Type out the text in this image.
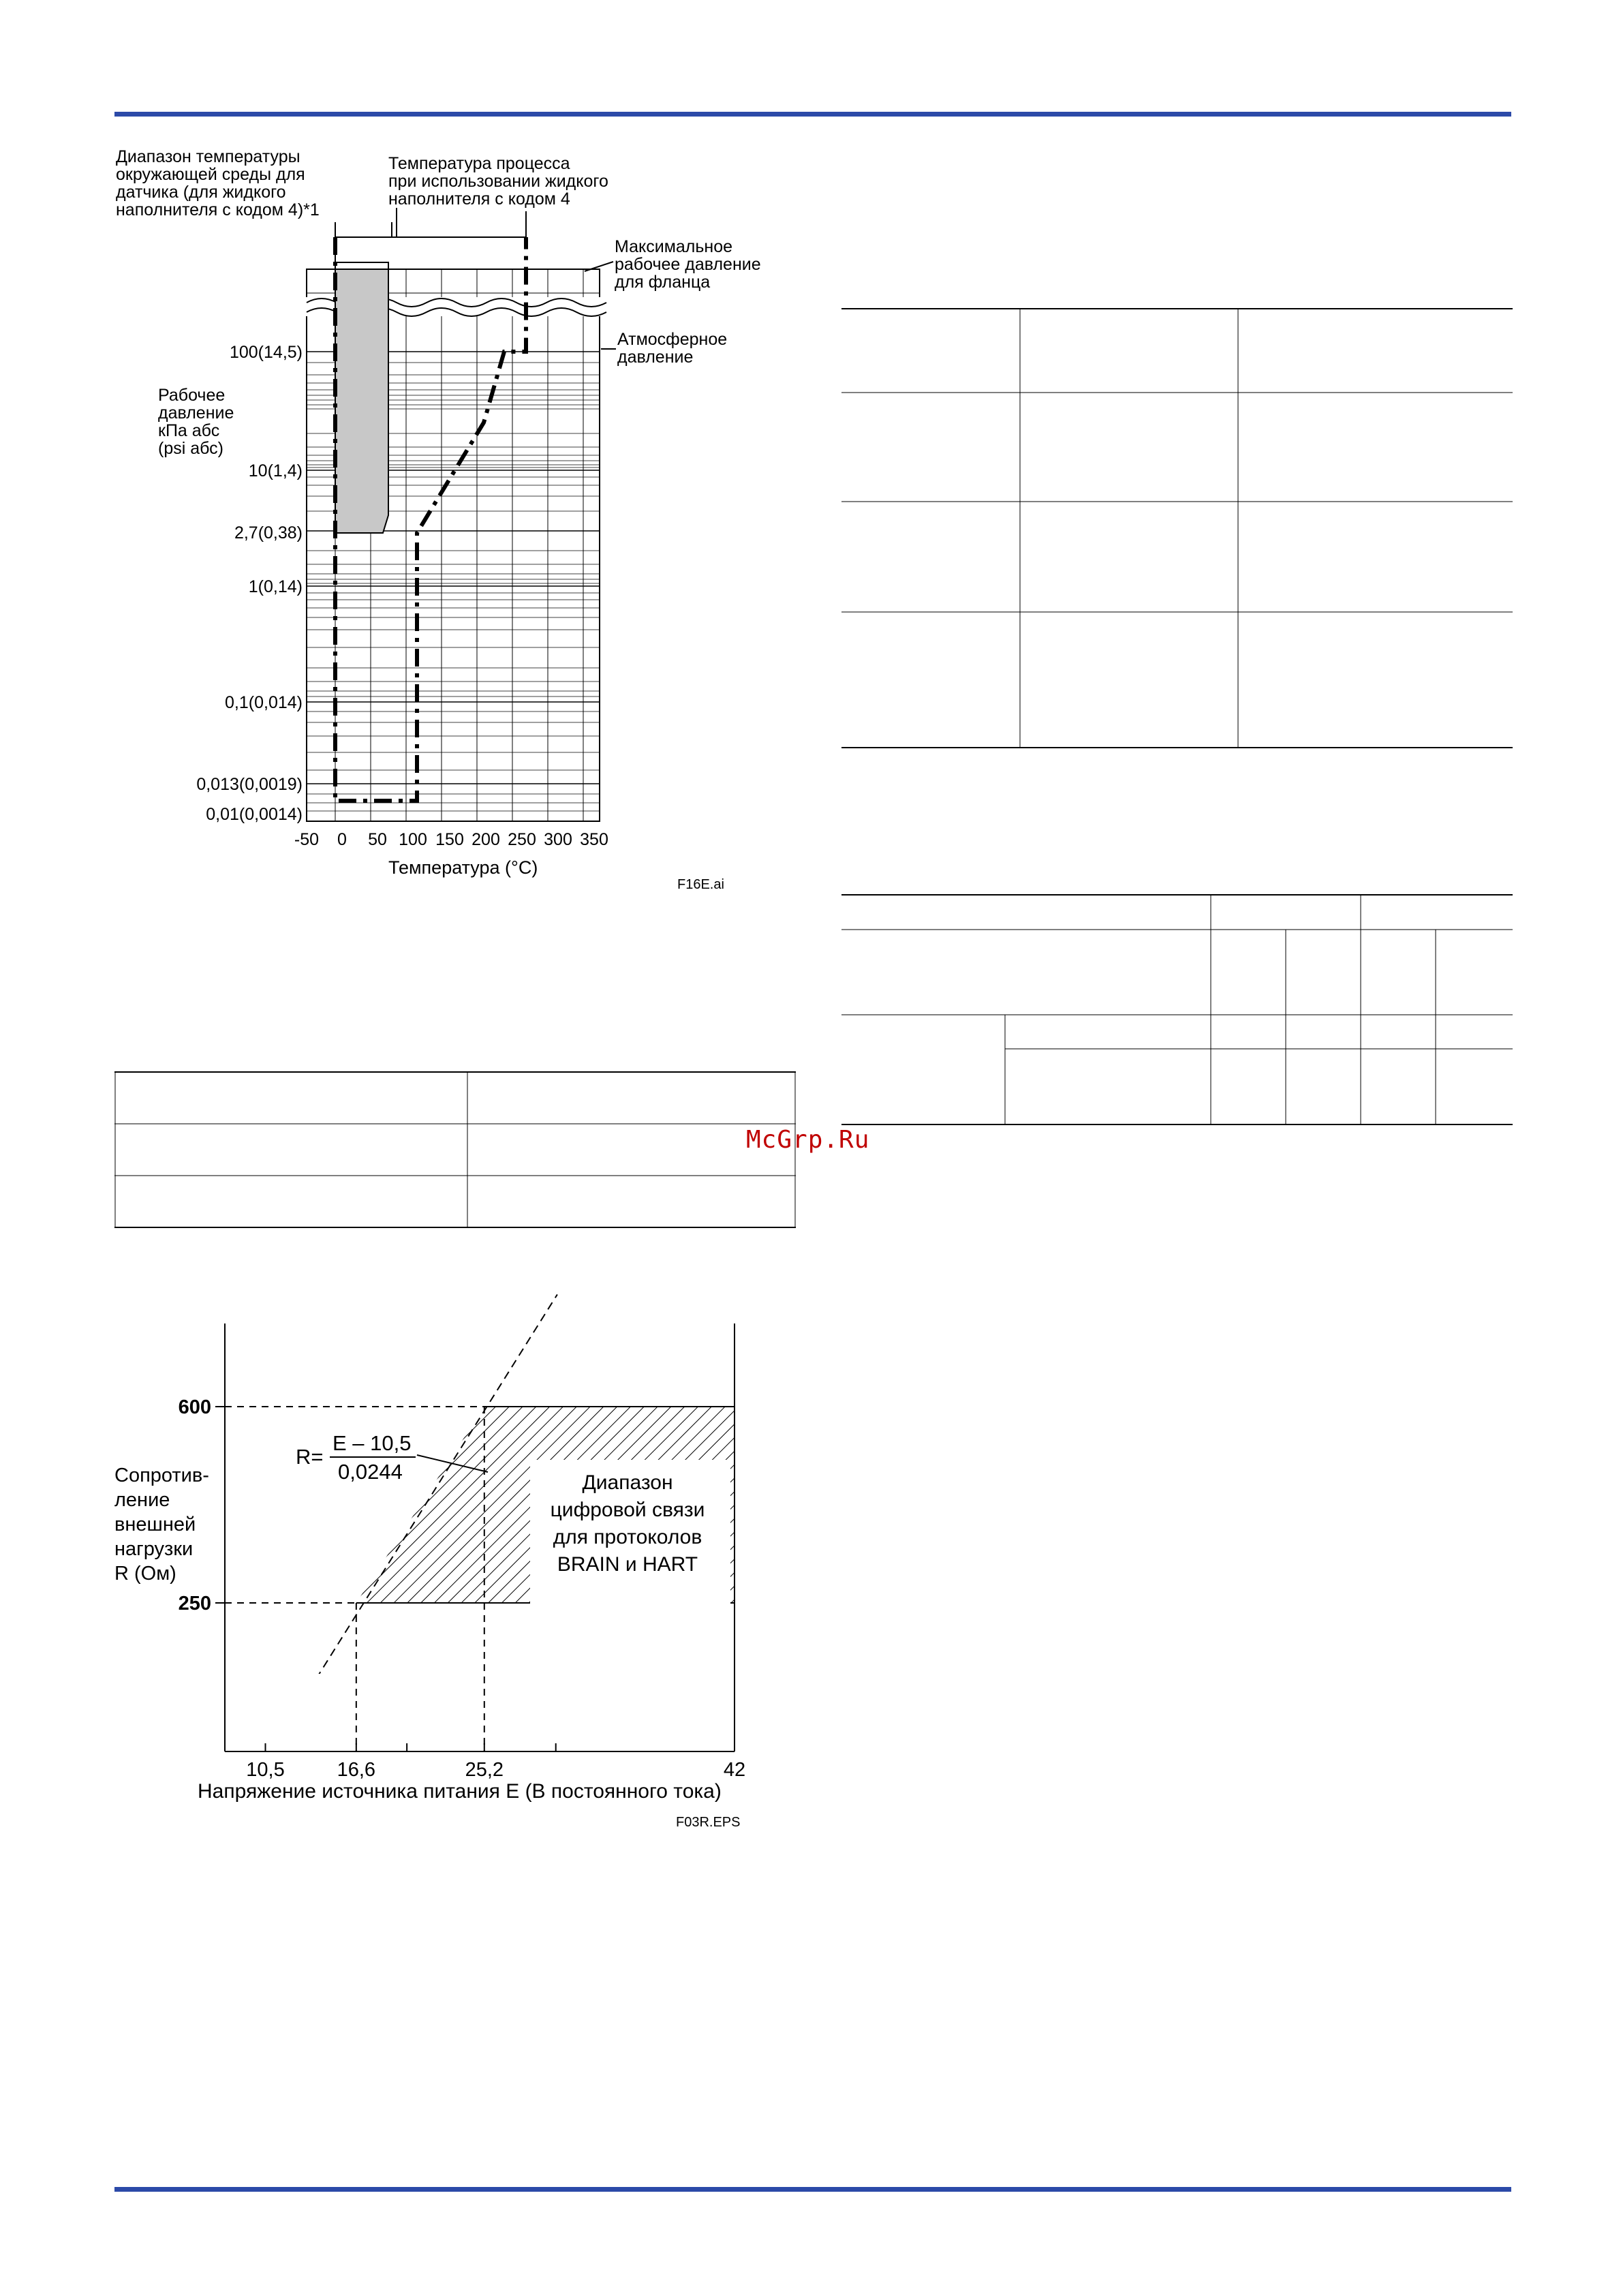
Диапазон температуры
окружающей среды для
датчика (для жидкого
наполнителя с кодом 4)*1
Температура процесса
при использовании жидкого
наполнителя с кодом 4
Максимальное
рабочее давление
для фланца
Атмосферное
давление
100(14,5)
10(1,4)
2,7(0,38)
1(0,14)
0,1(0,014)
0,013(0,0019)
0,01(0,0014)
Рабочее
давление
кПа абс
(psi абс)
-50 0 50 100 150 200 250 300 350
Температура (°C)
F16E.ai
McGrp.Ru
10,5	16,6	25,2	42
600
250
Сопротив-
ление
внешней
нагрузки
R (Ом)
Напряжение источника питания E (В постоянного тока)
F03R.EPS
R=
E – 10,5
0,0244	Диапазон
цифровой связи
для протоколов
BRAIN и HART
